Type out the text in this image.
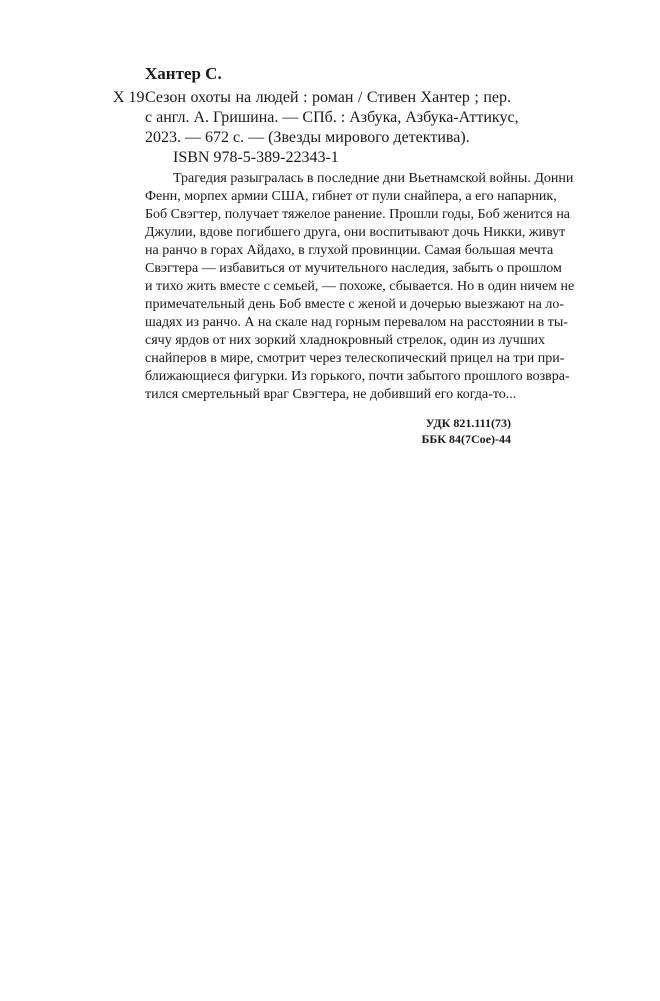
Хантер С.
Х 19 Сезон охоты на людей : роман / Стивен Хантер ; пер.
с англ. А. Гришина. — СПб. : Азбука, Азбука-Аттикус,
2023. — 672 с. — (Звезды мирового детектива).
ISBN 978-5-389-22343-1
Трагедия разыгралась в последние дни Вьетнамской войны. Донни
Фенн, морпех армии США, гибнет от пули снайпера, а его напарник,
Боб Свэгтер, получает тяжелое ранение. Прошли годы, Боб женится на
Джулии, вдове погибшего друга, они воспитывают дочь Никки, живут
на ранчо в горах Айдахо, в глухой провинции. Самая большая мечта
Свэгтера — избавиться от мучительного наследия, забыть о прошлом
и тихо жить вместе с семьей, — похоже, сбывается. Но в один ничем не
примечательный день Боб вместе с женой и дочерью выезжают на ло-
шадях из ранчо. А на скале над горным перевалом на расстоянии в ты-
сячу ярдов от них зоркий хладнокровный стрелок, один из лучших
снайперов в мире, смотрит через телескопический прицел на три при-
ближающиеся фигурки. Из горького, почти забытого прошлого возвра-
тился смертельный враг Свэгтера, не добивший его когда-то...
УДК 821.111(73)
ББК 84(7Сое)-44
